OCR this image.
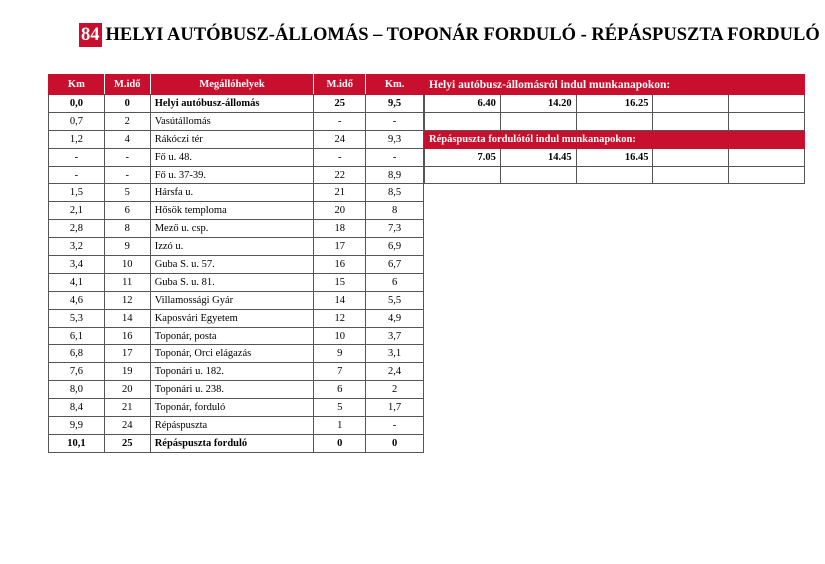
84 HELYI AUTÓBUSZ-ÁLLOMÁS – TOPONÁR FORDULÓ - RÉPÁSPUSZTA FORDULÓ
Km	M.idő	Megállóhelyek	M.idő	Km.
0,0	0	Helyi autóbusz-állomás	25	9,5
0,7	2	Vasútállomás	-	-
1,2	4	Rákóczi tér	24	9,3
-	-	Fő u. 48.	-	-
-	-	Fő u. 37-39.	22	8,9
1,5	5	Hársfa u.	21	8,5
2,1	6	Hősök temploma	20	8
2,8	8	Mező u. csp.	18	7,3
3,2	9	Izzó u.	17	6,9
3,4	10	Guba S. u. 57.	16	6,7
4,1	11	Guba S. u. 81.	15	6
4,6	12	Villamossági Gyár	14	5,5
5,3	14	Kaposvári Egyetem	12	4,9
6,1	16	Toponár, posta	10	3,7
6,8	17	Toponár, Orci elágazás	9	3,1
7,6	19	Toponári u. 182.	7	2,4
8,0	20	Toponári u. 238.	6	2
8,4	21	Toponár, forduló	5	1,7
9,9	24	Répáspuszta	1	-
10,1	25	Répáspuszta forduló	0	0
Helyi autóbusz-állomásról indul munkanapokon:				
6.40	14.20	16.25		

Répáspuszta fordulótól indul munkanapokon:				
7.05	14.45	16.45		
